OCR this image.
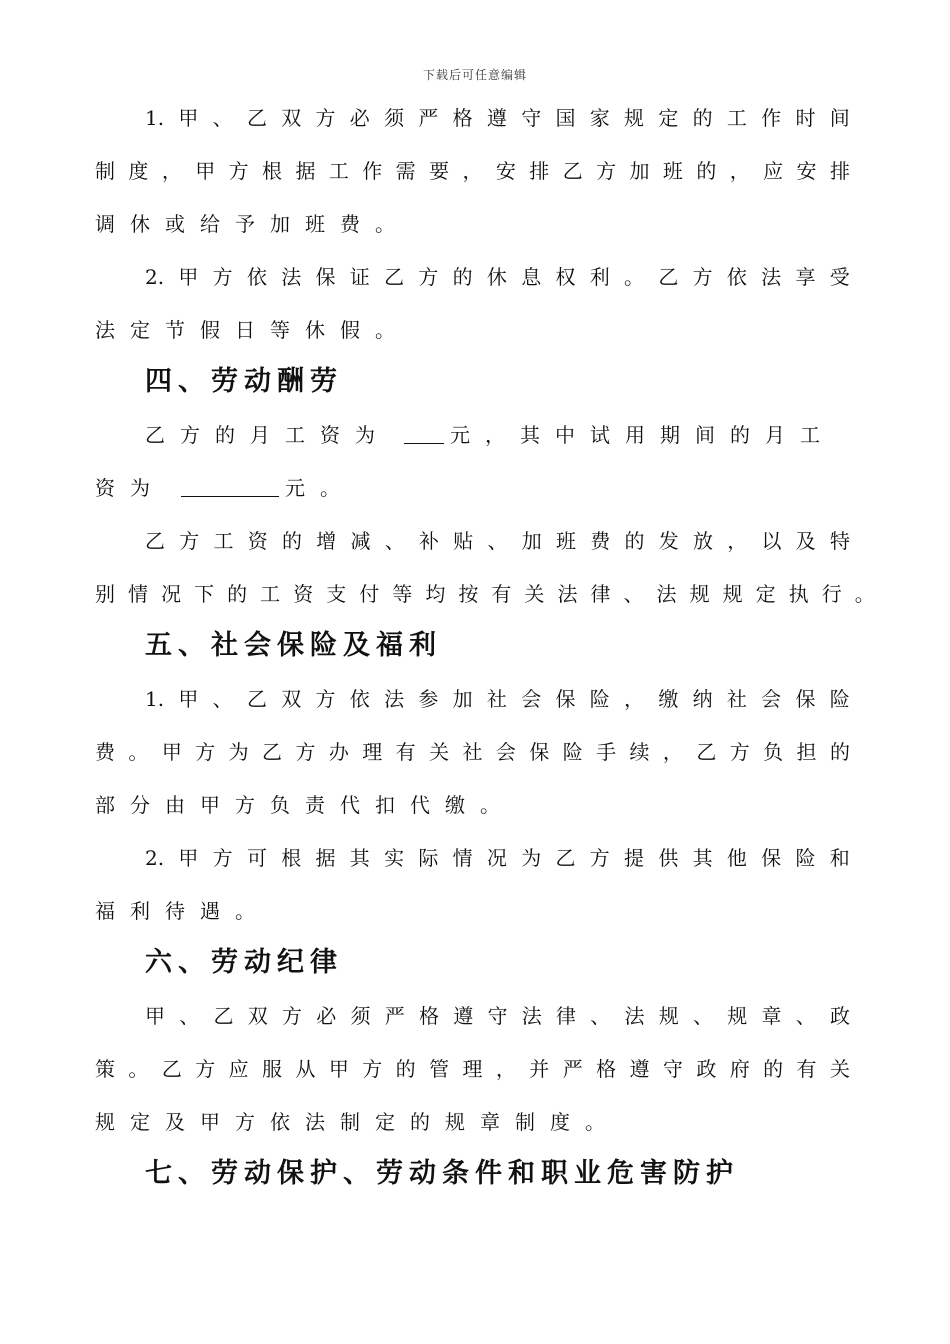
下载后可任意编辑
1. 甲 、 乙 双 方 必 须 严 格 遵 守 国 家 规 定 的 工 作 时 间
制 度 ， 甲 方 根 据 工 作 需 要 ， 安 排 乙 方 加 班 的 ， 应 安 排
调 休 或 给 予 加 班 费 。
2. 甲 方 依 法 保 证 乙 方 的 休 息 权 利 。 乙 方 依 法 享 受
法 定 节 假 日 等 休 假 。
四、劳动酬劳
乙方的月工资为	元，其中试用期间的月工
资为	元。
乙 方 工 资 的 增 减 、 补 贴 、 加 班 费 的 发 放 ， 以 及 特
别 情 况 下 的 工 资 支 付 等 均 按 有 关 法 律 、 法 规 规 定 执 行 。
五、社会保险及福利
1. 甲 、 乙 双 方 依 法 参 加 社 会 保 险 ， 缴 纳 社 会 保 险
费 。 甲 方 为 乙 方 办 理 有 关 社 会 保 险 手 续 ， 乙 方 负 担 的
部 分 由 甲 方 负 责 代 扣 代 缴 。
2. 甲 方 可 根 据 其 实 际 情 况 为 乙 方 提 供 其 他 保 险 和
福 利 待 遇 。
六、劳动纪律
甲 、 乙 双 方 必 须 严 格 遵 守 法 律 、 法 规 、 规 章 、 政
策 。 乙 方 应 服 从 甲 方 的 管 理 ， 并 严 格 遵 守 政 府 的 有 关
规 定 及 甲 方 依 法 制 定 的 规 章 制 度 。
七、劳动保护、劳动条件和职业危害防护
